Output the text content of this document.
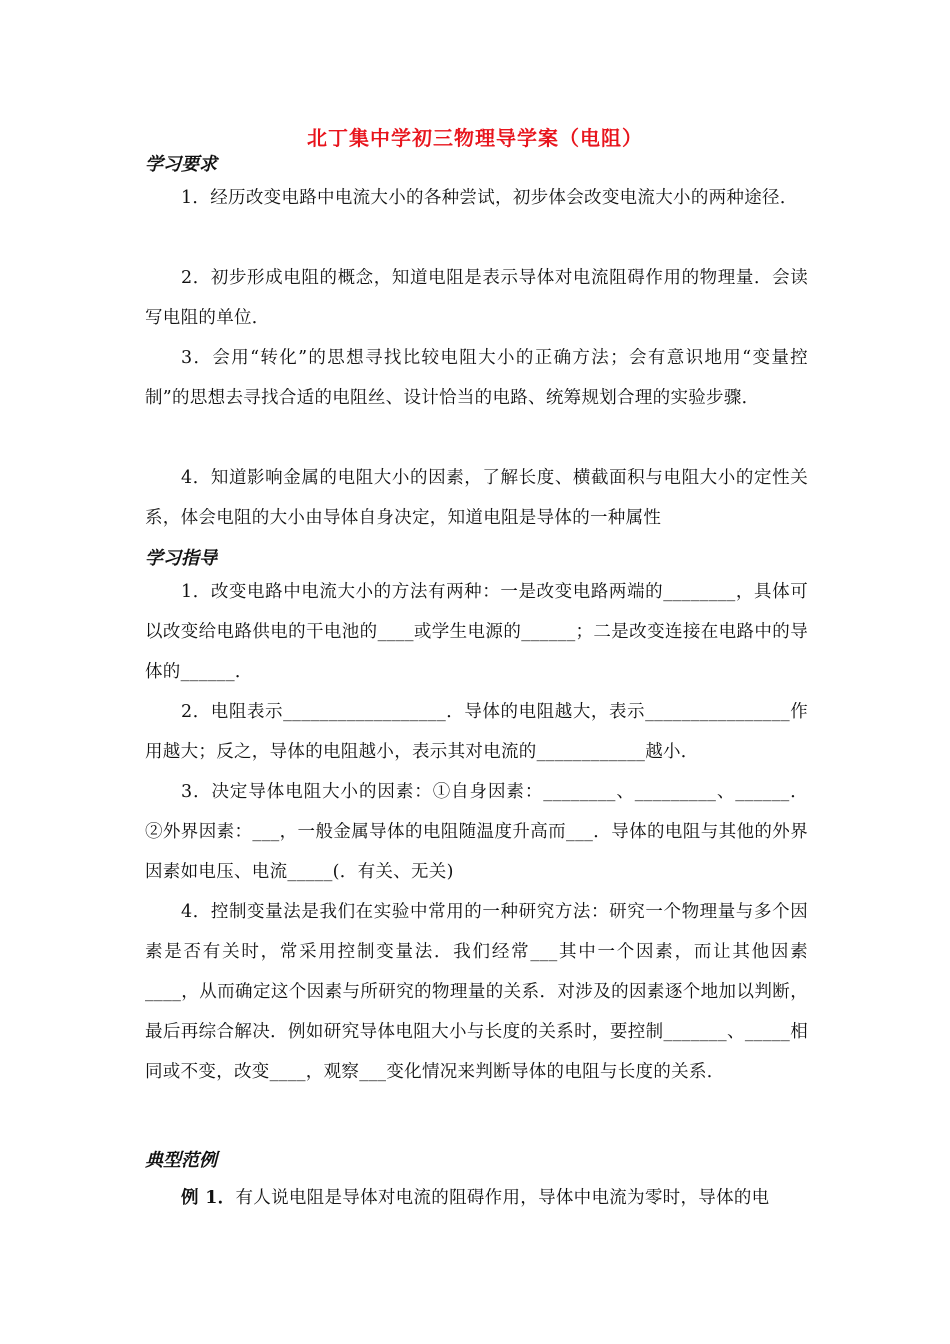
北丁集中学初三物理导学案（电阻）
学习要求
1．经历改变电路中电流大小的各种尝试，初步体会改变电流大小的两种途径．
2．初步形成电阻的概念，知道电阻是表示导体对电流阻碍作用的物理量．会读写电阻的单位．
3．会用“转化”的思想寻找比较电阻大小的正确方法；会有意识地用“变量控制”的思想去寻找合适的电阻丝、设计恰当的电路、统筹规划合理的实验步骤．
4．知道影响金属的电阻大小的因素，了解长度、横截面积与电阻大小的定性关系，体会电阻的大小由导体自身决定，知道电阻是导体的一种属性
学习指导
1．改变电路中电流大小的方法有两种：一是改变电路两端的________，具体可以改变给电路供电的干电池的____或学生电源的______；二是改变连接在电路中的导体的______．
2．电阻表示__________________．导体的电阻越大，表示________________作用越大；反之，导体的电阻越小，表示其对电流的____________越小．
3．决定导体电阻大小的因素：①自身因素：________、_________、______．②外界因素：___，一般金属导体的电阻随温度升高而___．导体的电阻与其他的外界因素如电压、电流_____(．有关、无关)
4．控制变量法是我们在实验中常用的一种研究方法：研究一个物理量与多个因素是否有关时，常采用控制变量法．我们经常___其中一个因素，而让其他因素____，从而确定这个因素与所研究的物理量的关系．对涉及的因素逐个地加以判断，最后再综合解决．例如研究导体电阻大小与长度的关系时，要控制_______、_____相同或不变，改变____，观察___变化情况来判断导体的电阻与长度的关系．
典型范例
例 1．有人说电阻是导体对电流的阻碍作用，导体中电流为零时，导体的电
